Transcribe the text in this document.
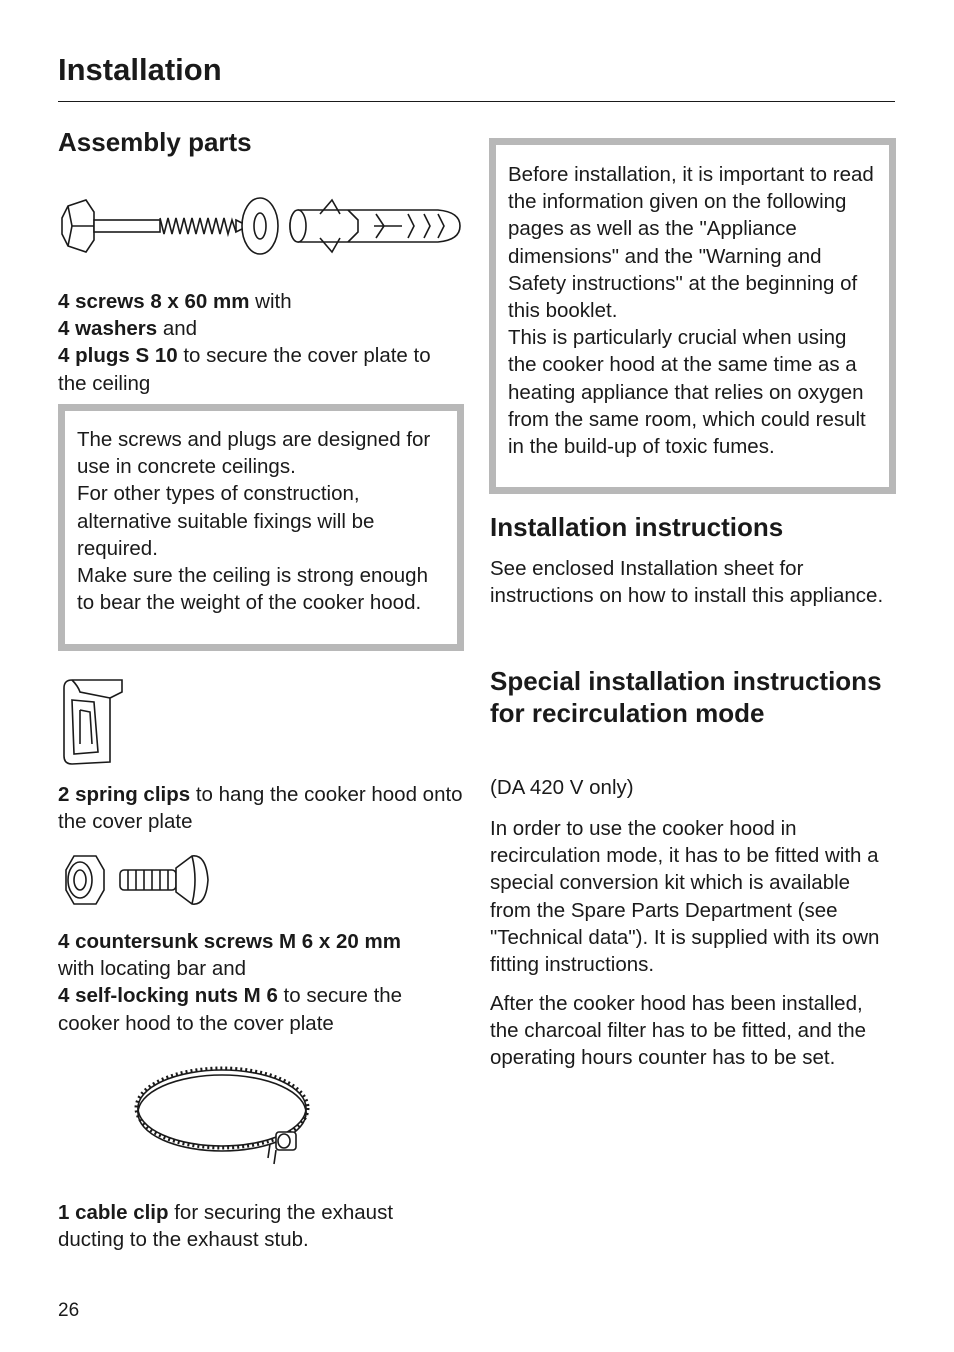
Installation
Assembly parts
4 screws 8 x 60 mm with
4 washers and
4 plugs S 10 to secure the cover plate to the ceiling

The screws and plugs are designed for use in concrete ceilings.

For other types of construction, alternative suitable fixings will be required.

Make sure the ceiling is strong enough to bear the weight of the cooker hood.

2 spring clips to hang the cooker hood onto the cover plate
4 countersunk screws M 6 x 20 mm
with locating bar and
4 self-locking nuts M 6 to secure the cooker hood to the cover plate
1 cable clip for securing the exhaust ducting to the exhaust stub.
26

Before installation, it is important to read the information given on the following pages as well as the "Appliance dimensions" and the "Warning and Safety instructions" at the beginning of this booklet.

This is particularly crucial when using the cooker hood at the same time as a heating appliance that relies on oxygen from the same room, which could result in the build-up of toxic fumes.

Installation instructions

See enclosed Installation sheet for instructions on how to install this appliance.

Special installation instructions for recirculation mode

(DA 420 V only)

In order to use the cooker hood in recirculation mode, it has to be fitted with a special conversion kit which is available from the Spare Parts Department (see "Technical data"). It is supplied with its own fitting instructions.

After the cooker hood has been installed, the charcoal filter has to be fitted, and the operating hours counter has to be set.
